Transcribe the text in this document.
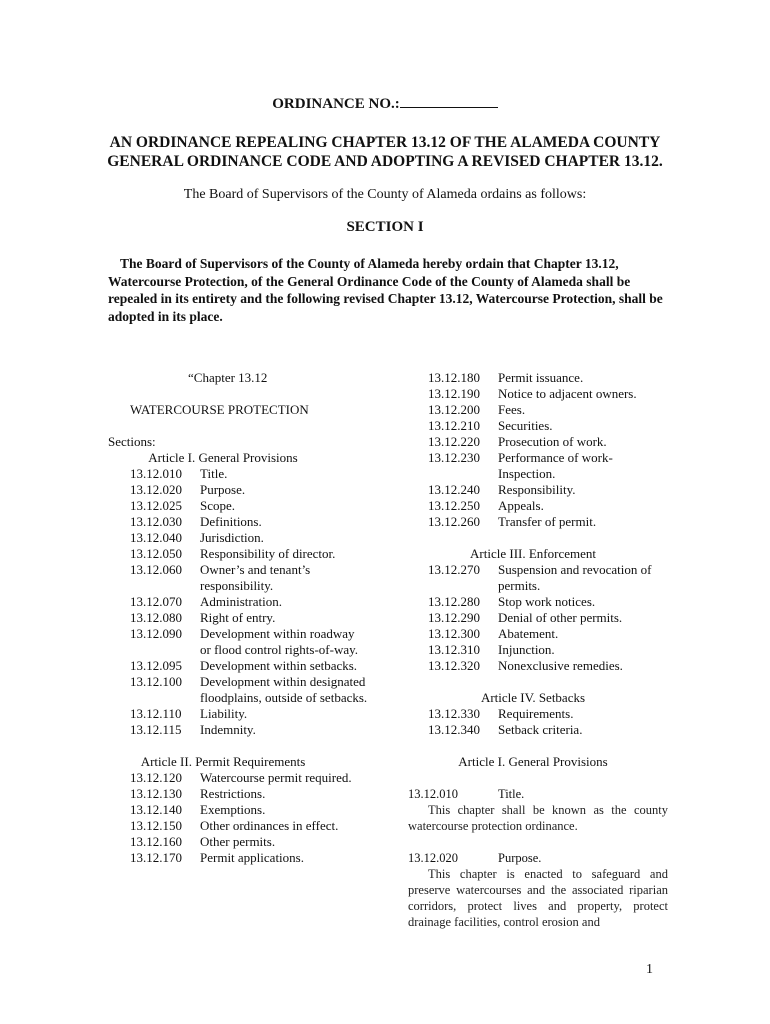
ORDINANCE NO.:
AN ORDINANCE REPEALING CHAPTER 13.12 OF THE ALAMEDA COUNTY
GENERAL ORDINANCE CODE AND ADOPTING A REVISED CHAPTER 13.12.
The Board of Supervisors of the County of Alameda ordains as follows:
SECTION I
The Board of Supervisors of the County of Alameda hereby ordain that Chapter 13.12, Watercourse Protection, of the General Ordinance Code of the County of Alameda shall be repealed in its entirety and the following revised Chapter 13.12, Watercourse Protection, shall be adopted in its place.
“Chapter 13.12
WATERCOURSE PROTECTION
Sections:
Article I. General Provisions
13.12.010	Title.
13.12.020	Purpose.
13.12.025	Scope.
13.12.030	Definitions.
13.12.040	Jurisdiction.
13.12.050	Responsibility of director.
13.12.060	Owner’s and tenant’s responsibility.
13.12.070	Administration.
13.12.080	Right of entry.
13.12.090	Development within roadway or flood control rights-of-way.
13.12.095	Development within setbacks.
13.12.100	Development within designated floodplains, outside of setbacks.
13.12.110	Liability.
13.12.115	Indemnity.
Article II. Permit Requirements
13.12.120	Watercourse permit required.
13.12.130	Restrictions.
13.12.140	Exemptions.
13.12.150	Other ordinances in effect.
13.12.160	Other permits.
13.12.170	Permit applications.
13.12.180	Permit issuance.
13.12.190	Notice to adjacent owners.
13.12.200	Fees.
13.12.210	Securities.
13.12.220	Prosecution of work.
13.12.230	Performance of work-Inspection.
13.12.240	Responsibility.
13.12.250	Appeals.
13.12.260	Transfer of permit.
Article III. Enforcement
13.12.270	Suspension and revocation of permits.
13.12.280	Stop work notices.
13.12.290	Denial of other permits.
13.12.300	Abatement.
13.12.310	Injunction.
13.12.320	Nonexclusive remedies.
Article IV. Setbacks
13.12.330	Requirements.
13.12.340	Setback criteria.
Article I. General Provisions
13.12.010	Title.
This chapter shall be known as the county watercourse protection ordinance.
13.12.020	Purpose.
This chapter is enacted to safeguard and preserve watercourses and the associated riparian corridors, protect lives and property, protect drainage facilities, control erosion and
1
